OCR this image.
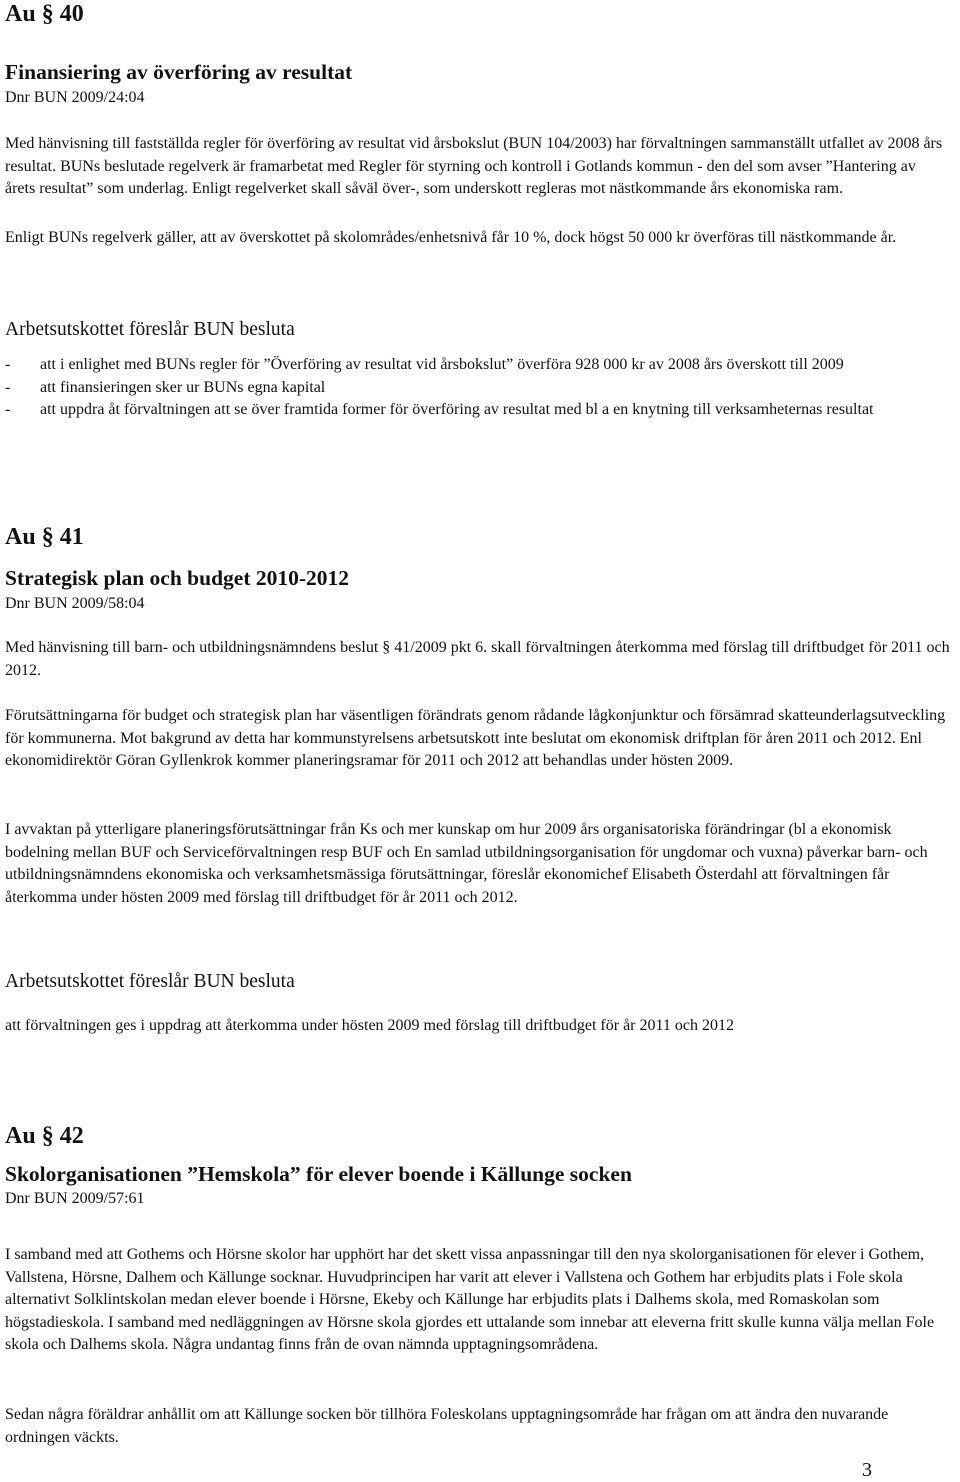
Au § 40
Finansiering av överföring av resultat
Dnr BUN 2009/24:04

Med hänvisning till fastställda regler för överföring av resultat vid årsbokslut (BUN 104/2003) har förvaltningen sammanställt utfallet av 2008 års resultat. BUNs beslutade regelverk är framarbetat med Regler för styrning och kontroll i Gotlands kommun - den del som avser ”Hantering av årets resultat” som underlag. Enligt regelverket skall såväl över-, som underskott regleras mot nästkommande års ekonomiska ram.

Enligt BUNs regelverk gäller, att av överskottet på skolområdes/enhetsnivå får 10 %, dock högst 50 000 kr överföras till nästkommande år.

Arbetsutskottet föreslår BUN besluta
- att i enlighet med BUNs regler för ”Överföring av resultat vid årsbokslut” överföra 928 000 kr av 2008 års överskott till 2009
- att finansieringen sker ur BUNs egna kapital
- att uppdra åt förvaltningen att se över framtida former för överföring av resultat med bl a en knytning till verksamheternas resultat
Au § 41
Strategisk plan och budget 2010-2012
Dnr BUN 2009/58:04

Med hänvisning till barn- och utbildningsnämndens beslut § 41/2009 pkt 6. skall förvaltningen återkomma med förslag till driftbudget för 2011 och 2012.

Förutsättningarna för budget och strategisk plan har väsentligen förändrats genom rådande lågkonjunktur och försämrad skatteunderlagsutveckling för kommunerna. Mot bakgrund av detta har kommunstyrelsens arbetsutskott inte beslutat om ekonomisk driftplan för åren 2011 och 2012. Enl ekonomidirektör Göran Gyllenkrok kommer planeringsramar för 2011 och 2012 att behandlas under hösten 2009.

I avvaktan på ytterligare planeringsförutsättningar från Ks och mer kunskap om hur 2009 års organisatoriska förändringar (bl a ekonomisk bodelning mellan BUF och Serviceförvaltningen resp BUF och En samlad utbildningsorganisation för ungdomar och vuxna) påverkar barn- och utbildningsnämndens ekonomiska och verksamhetsmässiga förutsättningar, föreslår ekonomichef Elisabeth Österdahl att förvaltningen får återkomma under hösten 2009 med förslag till driftbudget för år 2011 och 2012.

Arbetsutskottet föreslår BUN besluta

att förvaltningen ges i uppdrag att återkomma under hösten 2009 med förslag till driftbudget för år 2011 och 2012

Au § 42
Skolorganisationen ”Hemskola” för elever boende i Källunge socken
Dnr BUN 2009/57:61

I samband med att Gothems och Hörsne skolor har upphört har det skett vissa anpassningar till den nya skolorganisationen för elever i Gothem, Vallstena, Hörsne, Dalhem och Källunge socknar. Huvudprincipen har varit att elever i Vallstena och Gothem har erbjudits plats i Fole skola alternativt Solklintskolan medan elever boende i Hörsne, Ekeby och Källunge har erbjudits plats i Dalhems skola, med Romaskolan som högstadieskola. I samband med nedläggningen av Hörsne skola gjordes ett uttalande som innebar att eleverna fritt skulle kunna välja mellan Fole skola och Dalhems skola. Några undantag finns från de ovan nämnda upptagningsområdena.

Sedan några föräldrar anhållit om att Källunge socken bör tillhöra Foleskolans upptagningsområde har frågan om att ändra den nuvarande ordningen väckts.

3
